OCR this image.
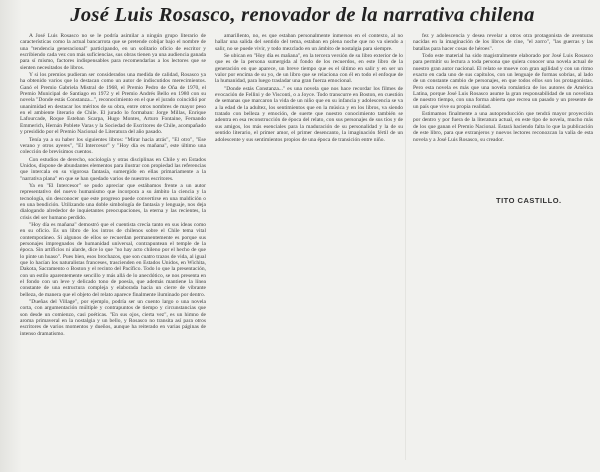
José Luis Rosasco, renovador de la narrativa chilena

A José Luis Rosasco no se le podría asimilar a ningún grupo literario de características como la actual bancarrota que se pretende cobijar bajo el nombre de una "tendencia generacional" participando, en un solitario oficio de escritor y escribiendo cada vez con más suficiencias, sus obras tienen ya una audiencia ganada para sí mismo, factores indispensables para recomendarlas a los lectores que se sienten necesitados de libros.

Y si los premios pudieran ser considerados una medida de calidad, Rosasco ya ha obtenido varios que lo destacan como un autor de indiscutidos merecimientos. Ganó el Premio Gabriela Mistral de 1968, el Premio Pedro de Oña de 1970, el Premio Municipal de Santiago en 1972 y el Premio Andrés Bello en 1980 con su novela "Donde estás Constanza...", reconocimiento en el que el jurado coincidió por unanimidad en destacar los méritos de su obra, entre otros nombres de mayor peso en el ambiente literario de Chile. El jurado lo formaban: Jorge Millas, Enrique Lafourcade, Roque Esteban Scarpa, Hugo Montes, Arturo Fontaine, Fernando Emmerich, Hernán Poblete Varas y la Sociedad de Escritores de Chile, acompañado y presidido por el Premio Nacional de Literatura del año pasado.

Tenía ya a su haber los siguientes libros: "Mirar hacia atrás", "El otro", "Ese verano y otros ayeres", "El Intercesor" y "Hoy día es mañana", este último una colección de brevísimos cuentos.

Con estudios de derecho, sociología y otras disciplinas en Chile y en Estados Unidos, dispone de abundantes elementos para ilustrar con propiedad las referencias que intercala en su vigorosa fantasía, sumergido en ellas primariamente a la "narrativa plana" en que se han quedado varios de nuestros escritores.

Ya en "El Intercesor" se pudo apreciar que estábamos frente a un autor representativo del nuevo humanismo que incorpora a su ámbito la ciencia y la tecnología, sin desconocer que este progreso puede convertirse en una maldición o en una bendición. Utilizando una doble simbología de fantasía y lenguaje, nos deja dialogando alrededor de inquietantes preocupaciones, la eterna y las recientes, la crisis del ser humano perdido.

"Hoy día es mañana" demostró que el cuentista crecía tanto en sus ideas como en su oficio. Es un libro de los intros de chilenos sobre el Chile tema vital contemporáneo. Si algunos de ellos se recuerdan permanentemente es porque sus personajes impregnados de humanidad universal, contrapuntean el temple de la época. Sin artificios ni alarde, dice lo que "no hay acto chileno por el hecho de que lo pinte un huaso". Pues bien, esos brochazos, que son cuatro trazos de vida, al igual que lo hacían los naturalistas franceses, trascienden en Estados Unidos, en Wichita, Dakota, Sacramento o Boston y el recinto del Pacífico. Todo lo que la presentación, con un estilo aparentemente sencillo y más allá de lo anecdótico, se nos presenta en el fondo con un leve y delicado tono de poesía, que además mantiene la línea constante de una estructura compleja y elaborada hacia un cierre de vibrante belleza, de manera que el objeto del relato aparece finalmente iluminado por dentro.

"Dueñas del Village", por ejemplo, podría ser un cuento largo o una novela corta, con argumentación múltiple y contrapuntos de tiempo y circunstancias que son desde un comienzo, casi poéticas. "En sus ojos, cierta vez", es un himno de aroma primaveral en la nostalgia y un bello, y Rosasco no transita así para otros escritores de varios momentos y dueños, aunque ha reiterado en varias páginas de intenso dramatismo.

amarillento, no, es que estaban personalmente inmersos en el contexto, al no hallar una salida del sentido del tema, estaban en plena noche que no va siendo a salir, no se puede vivir, y todo mezclado en un ámbito de nostalgia para siempre.

Se ubican en "Hoy día es mañana", en la tercera versión de su libro exterior de lo que es de la persona sumergida al fondo de los recuerdos, en este libro de la generación en que aparece, un breve tiempo que es el último en salir y en ser un valor por encima de su yo, de un libro que se relaciona con él en todo el enfoque de la humanidad, para luego trasladar una gran fuerza emocional.

"Donde estás Constanza..." es una novela que nos hace recordar los filmes de evocación de Fellini y de Visconti, o a Joyce. Todo transcurre en Boston, en cuestión de semanas que marcaron la vida de un niño que en su infancia y adolescencia se va a la edad de la adultez, los sentimientos que en la música y en los libros, va siendo tratado con belleza y emoción, de suerte que nuestro conocimiento también se adentra en esa reconstrucción de época del relato, con sus personajes de sus tíos y de sus amigos, los más esenciales para la maduración de su personalidad y la de su sentido literario, el primer amor, el primer desencanto, la imaginación fértil de un adolescente y sus sentimientos propios de una época de transición entre niño.

fez y adolescencia y desea revelar a otros otra protagonista de aventuras nacidas en la imaginación de los libros de cine, "el zorro", "las guerras y las batallas para hacer cosas de héroes".

Todo este material ha sido magistralmente elaborado por José Luis Rosasco para permitir su lectura a toda persona que quiera conocer una novela actual de nuestro gran autor nacional. El relato se mueve con gran agilidad y con un ritmo exacto en cada uno de sus capítulos, con un lenguaje de formas sobrias, al lado de un constante cambio de personajes, en que todos ellos son los protagonistas. Pero esta novela es más que una novela romántica de los autores de América Latina, porque José Luis Rosasco asume la gran responsabilidad de un novelista de nuestro tiempo, con una forma abierta que recrea un pasado y un presente de un país que vive su propia realidad.

Estimamos finalmente a una autoproducción que tendrá mayor proyección por dentro y por fuera de la literatura actual, en este tipo de novela, mucho más de los que ganan el Premio Nacional. Estará haciendo falta lo que la publicación de este libro, para que extranjeros y nuevos lectores reconozcan la valía de esta novela y a José Luis Rosasco, su creador.

TITO CASTILLO.
